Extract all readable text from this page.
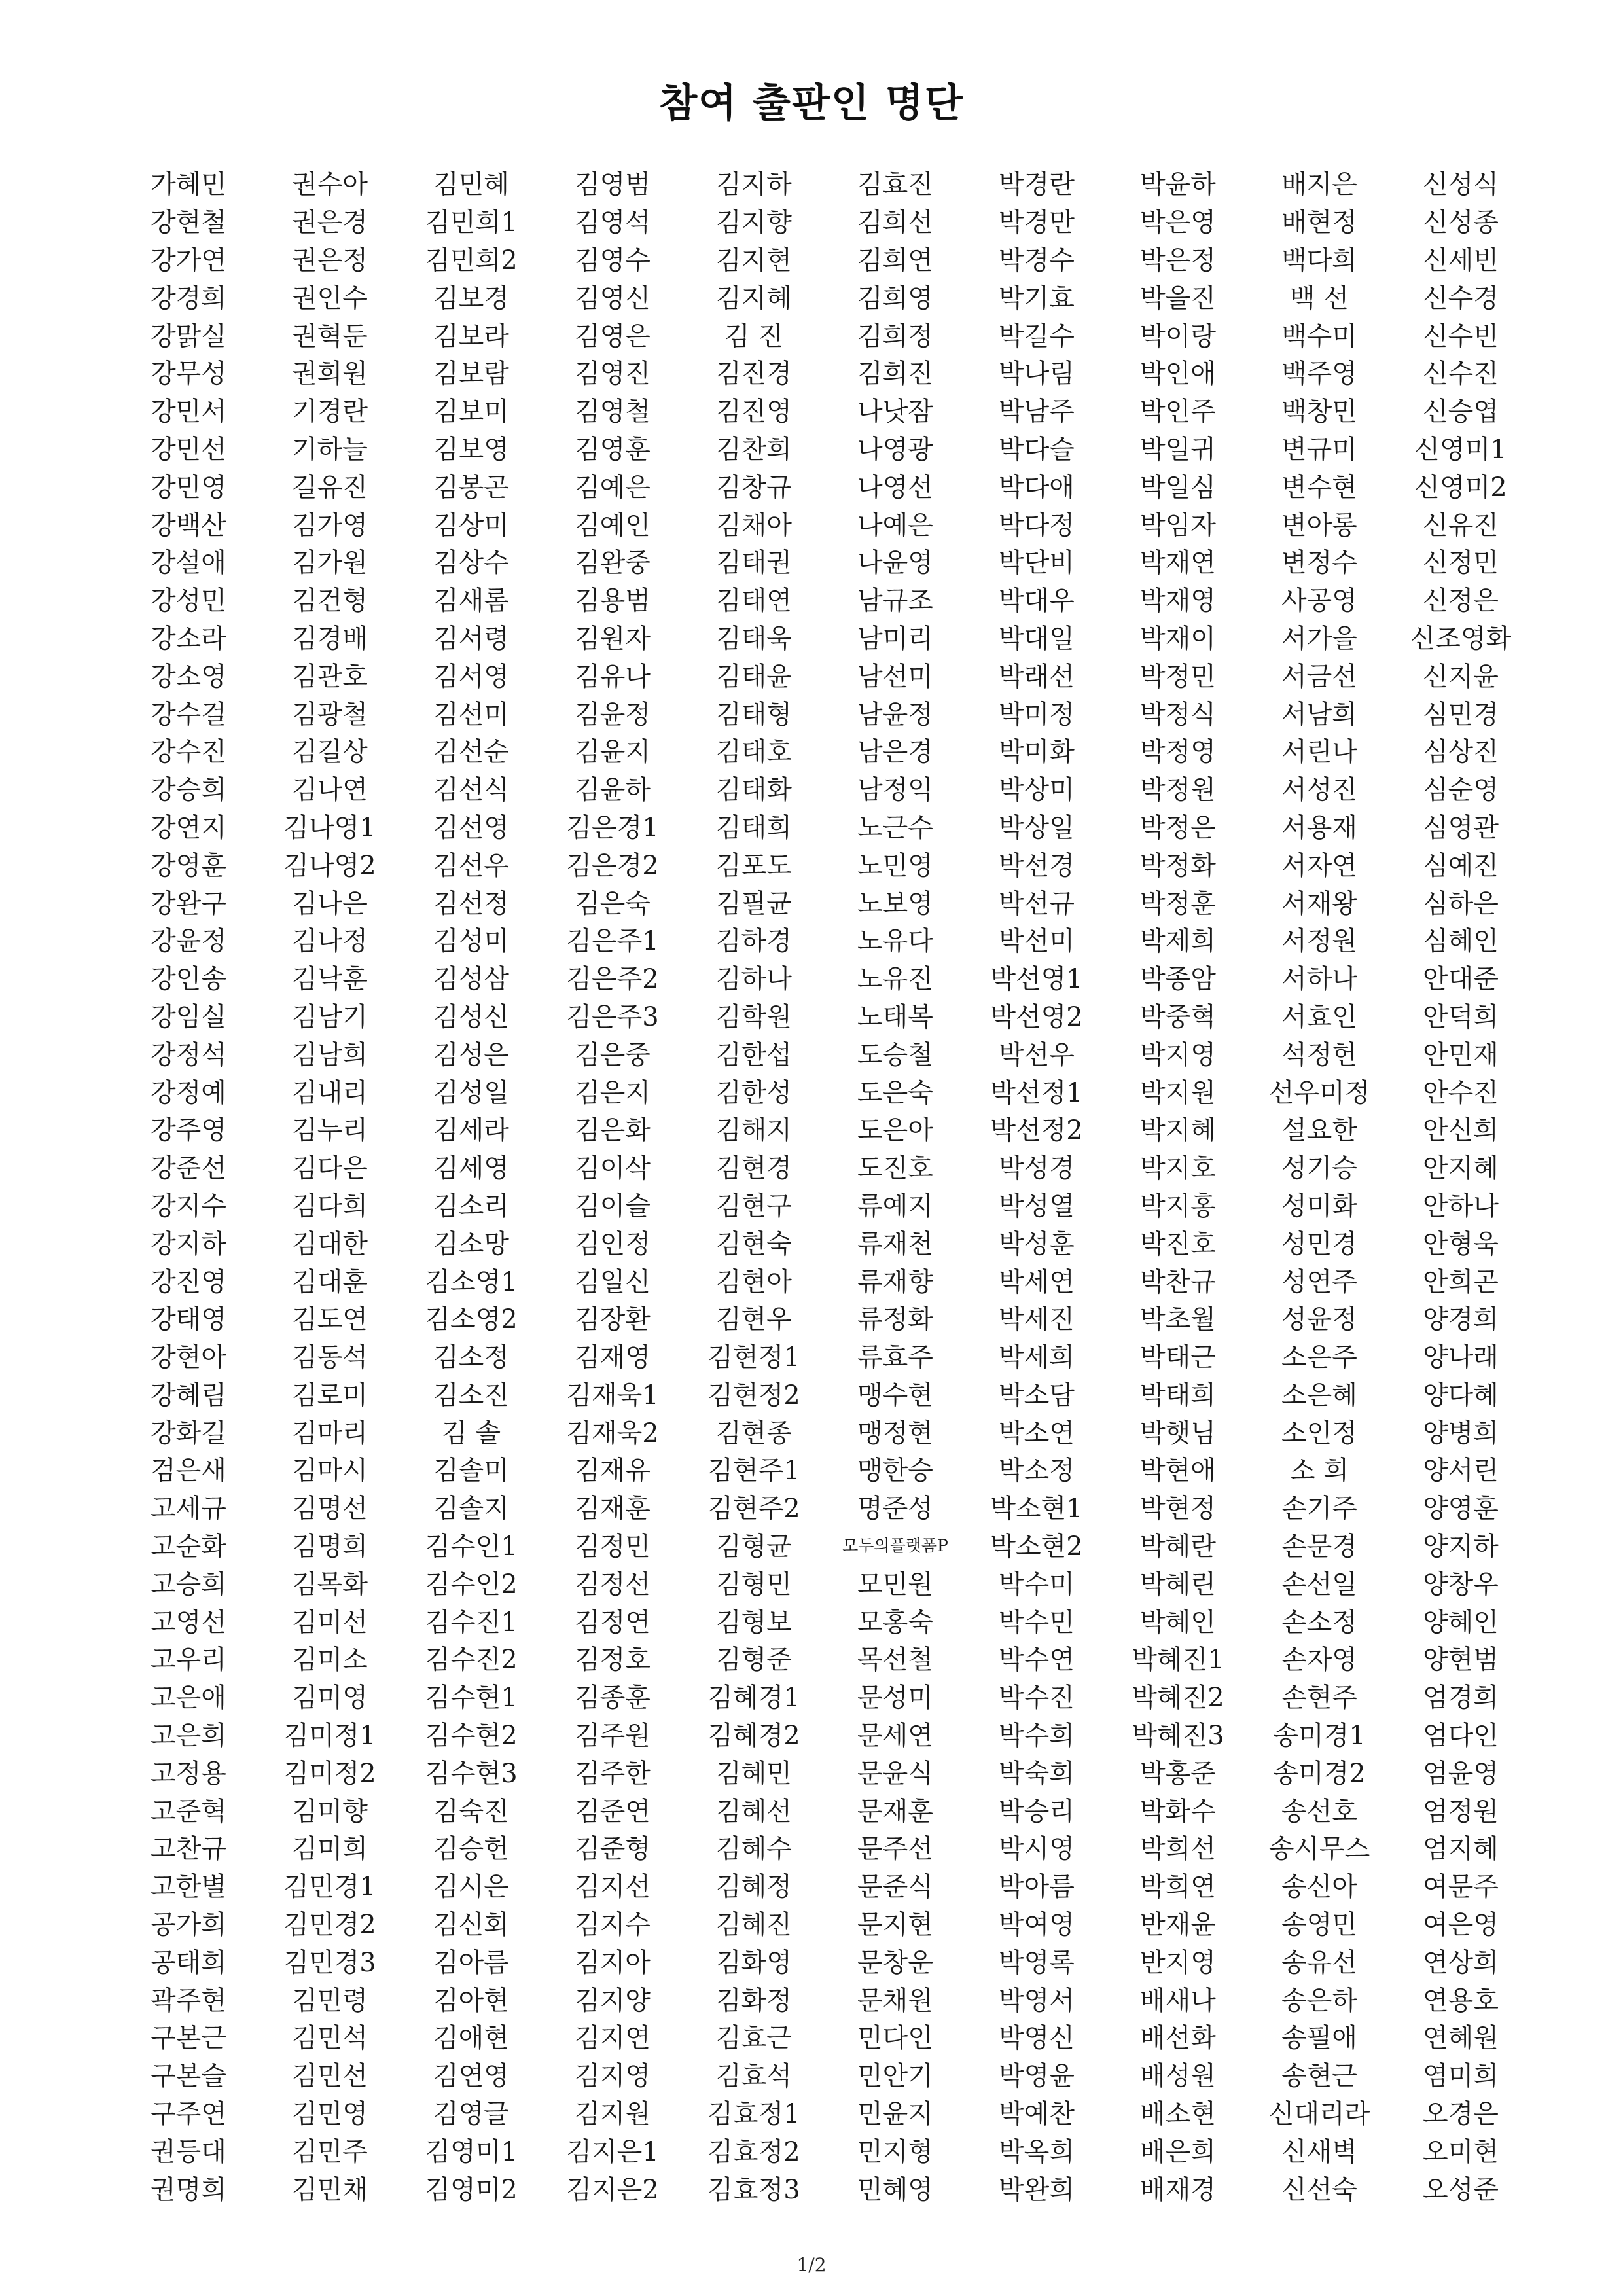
참여 출판인 명단
가혜민	권수아	김민혜	김영범	김지하	김효진	박경란	박윤하	배지은	신성식
강현철	권은경	김민희1	김영석	김지향	김희선	박경만	박은영	배현정	신성종
강가연	권은정	김민희2	김영수	김지현	김희연	박경수	박은정	백다희	신세빈
강경희	권인수	김보경	김영신	김지혜	김희영	박기효	박을진	백 선	신수경
강맑실	권혁둔	김보라	김영은	김 진	김희정	박길수	박이랑	백수미	신수빈
강무성	권희원	김보람	김영진	김진경	김희진	박나림	박인애	백주영	신수진
강민서	기경란	김보미	김영철	김진영	나낫잠	박남주	박인주	백창민	신승엽
강민선	기하늘	김보영	김영훈	김찬희	나영광	박다슬	박일귀	변규미	신영미1
강민영	길유진	김봉곤	김예은	김창규	나영선	박다애	박일심	변수현	신영미2
강백산	김가영	김상미	김예인	김채아	나예은	박다정	박임자	변아롱	신유진
강설애	김가원	김상수	김완중	김태권	나윤영	박단비	박재연	변정수	신정민
강성민	김건형	김새롬	김용범	김태연	남규조	박대우	박재영	사공영	신정은
강소라	김경배	김서령	김원자	김태욱	남미리	박대일	박재이	서가을	신조영화
강소영	김관호	김서영	김유나	김태윤	남선미	박래선	박정민	서금선	신지윤
강수걸	김광철	김선미	김윤정	김태형	남윤정	박미정	박정식	서남희	심민경
강수진	김길상	김선순	김윤지	김태호	남은경	박미화	박정영	서린나	심상진
강승희	김나연	김선식	김윤하	김태화	남정익	박상미	박정원	서성진	심순영
강연지	김나영1	김선영	김은경1	김태희	노근수	박상일	박정은	서용재	심영관
강영훈	김나영2	김선우	김은경2	김포도	노민영	박선경	박정화	서자연	심예진
강완구	김나은	김선정	김은숙	김필균	노보영	박선규	박정훈	서재왕	심하은
강윤정	김나정	김성미	김은주1	김하경	노유다	박선미	박제희	서정원	심혜인
강인송	김낙훈	김성삼	김은주2	김하나	노유진	박선영1	박종암	서하나	안대준
강임실	김남기	김성신	김은주3	김학원	노태복	박선영2	박중혁	서효인	안덕희
강정석	김남희	김성은	김은중	김한섭	도승철	박선우	박지영	석정헌	안민재
강정예	김내리	김성일	김은지	김한성	도은숙	박선정1	박지원	선우미정	안수진
강주영	김누리	김세라	김은화	김해지	도은아	박선정2	박지혜	설요한	안신희
강준선	김다은	김세영	김이삭	김현경	도진호	박성경	박지호	성기승	안지혜
강지수	김다희	김소리	김이슬	김현구	류예지	박성열	박지홍	성미화	안하나
강지하	김대한	김소망	김인정	김현숙	류재천	박성훈	박진호	성민경	안형욱
강진영	김대훈	김소영1	김일신	김현아	류재향	박세연	박찬규	성연주	안희곤
강태영	김도연	김소영2	김장환	김현우	류정화	박세진	박초월	성윤정	양경희
강현아	김동석	김소정	김재영	김현정1	류효주	박세희	박태근	소은주	양나래
강혜림	김로미	김소진	김재욱1	김현정2	맹수현	박소담	박태희	소은혜	양다혜
강화길	김마리	김 솔	김재욱2	김현종	맹정현	박소연	박햇님	소인정	양병희
검은새	김마시	김솔미	김재유	김현주1	맹한승	박소정	박현애	소 희	양서린
고세규	김명선	김솔지	김재훈	김현주2	명준성	박소현1	박현정	손기주	양영훈
고순화	김명희	김수인1	김정민	김형균	모두의플랫폼P	박소현2	박혜란	손문경	양지하
고승희	김목화	김수인2	김정선	김형민	모민원	박수미	박혜린	손선일	양창우
고영선	김미선	김수진1	김정연	김형보	모홍숙	박수민	박혜인	손소정	양혜인
고우리	김미소	김수진2	김정호	김형준	목선철	박수연	박혜진1	손자영	양현범
고은애	김미영	김수현1	김종훈	김혜경1	문성미	박수진	박혜진2	손현주	엄경희
고은희	김미정1	김수현2	김주원	김혜경2	문세연	박수희	박혜진3	송미경1	엄다인
고정용	김미정2	김수현3	김주한	김혜민	문윤식	박숙희	박홍준	송미경2	엄윤영
고준혁	김미향	김숙진	김준연	김혜선	문재훈	박승리	박화수	송선호	엄정원
고찬규	김미희	김승헌	김준형	김혜수	문주선	박시영	박희선	송시무스	엄지혜
고한별	김민경1	김시은	김지선	김혜정	문준식	박아름	박희연	송신아	여문주
공가희	김민경2	김신회	김지수	김혜진	문지현	박여영	반재윤	송영민	여은영
공태희	김민경3	김아름	김지아	김화영	문창운	박영록	반지영	송유선	연상희
곽주현	김민령	김아현	김지양	김화정	문채원	박영서	배새나	송은하	연용호
구본근	김민석	김애현	김지연	김효근	민다인	박영신	배선화	송필애	연혜원
구본슬	김민선	김연영	김지영	김효석	민안기	박영윤	배성원	송현근	염미희
구주연	김민영	김영글	김지원	김효정1	민윤지	박예찬	배소현	신대리라	오경은
권등대	김민주	김영미1	김지은1	김효정2	민지형	박옥희	배은희	신새벽	오미현
권명희	김민채	김영미2	김지은2	김효정3	민혜영	박완희	배재경	신선숙	오성준
1/2
